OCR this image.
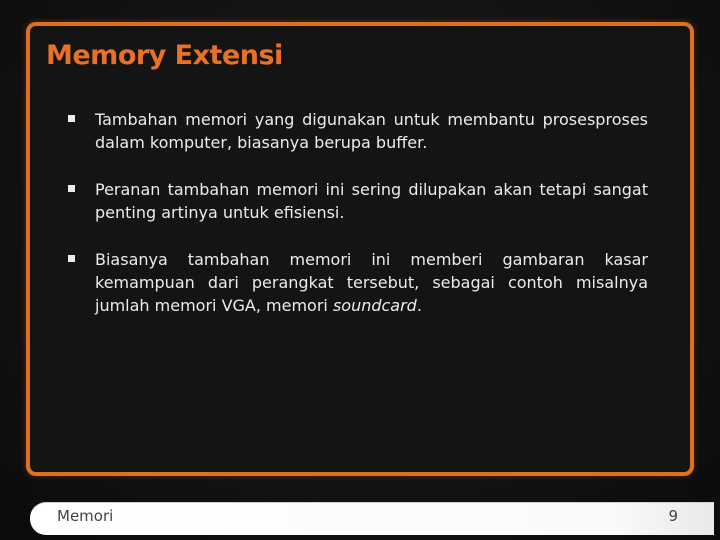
Memory Extensi
Tambahan memori yang digunakan untuk membantu prosesproses dalam komputer, biasanya berupa buffer.
Peranan tambahan memori ini sering dilupakan akan tetapi sangat penting artinya untuk efisiensi.
Biasanya tambahan memori ini memberi gambaran kasar kemampuan dari perangkat tersebut, sebagai contoh misalnya jumlah memori VGA, memori soundcard.
Memori	9
